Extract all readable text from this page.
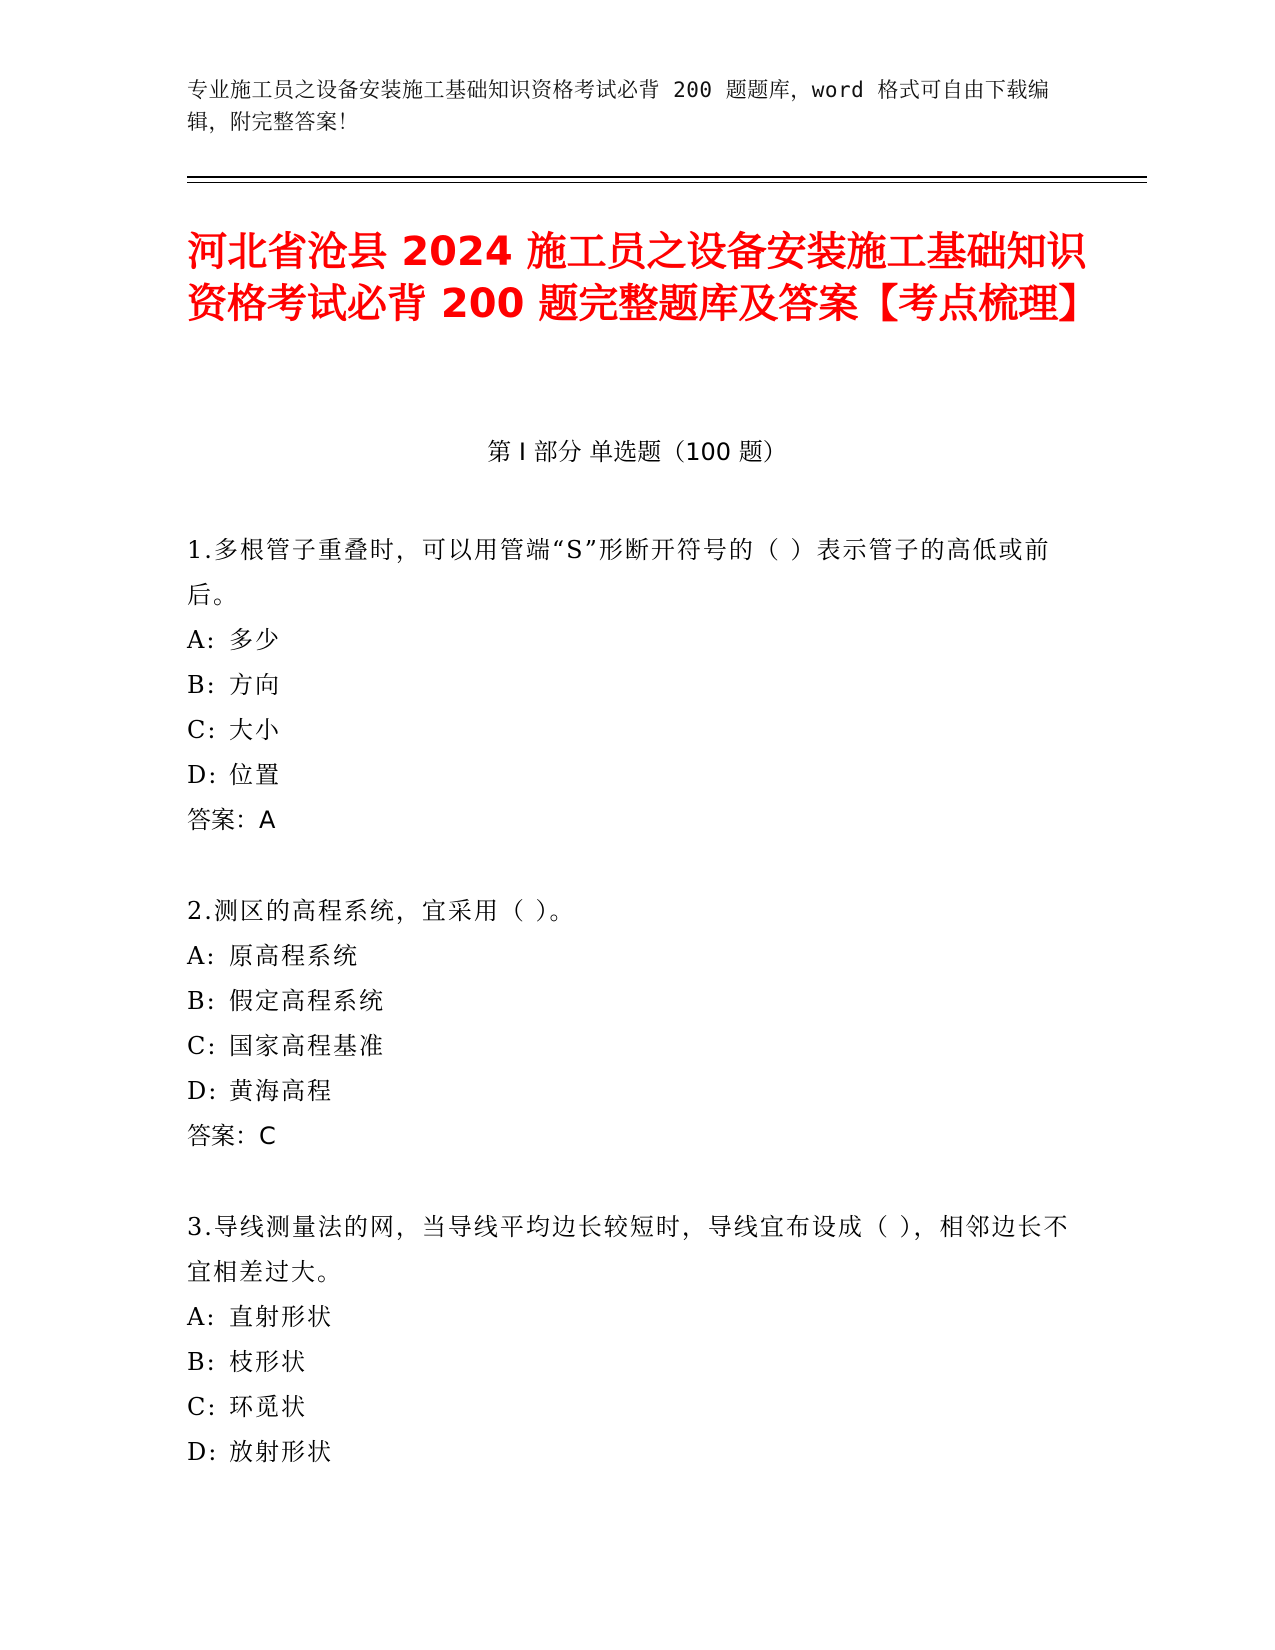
专业施工员之设备安装施工基础知识资格考试必背 200 题题库，word 格式可自由下载编辑，附完整答案！
河北省沧县 2024 施工员之设备安装施工基础知识资格考试必背 200 题完整题库及答案【考点梳理】
第 I 部分 单选题（100 题）

1.多根管子重叠时，可以用管端“S”形断开符号的（ ）表示管子的高低或前后。

A: 多少

B: 方向

C: 大小

D: 位置

答案：A

2.测区的高程系统，宜采用（ ）。

A: 原高程系统

B: 假定高程系统

C: 国家高程基准

D: 黄海高程

答案：C

3.导线测量法的网，当导线平均边长较短时，导线宜布设成（ ），相邻边长不宜相差过大。

A: 直射形状

B: 枝形状

C: 环觅状

D: 放射形状
